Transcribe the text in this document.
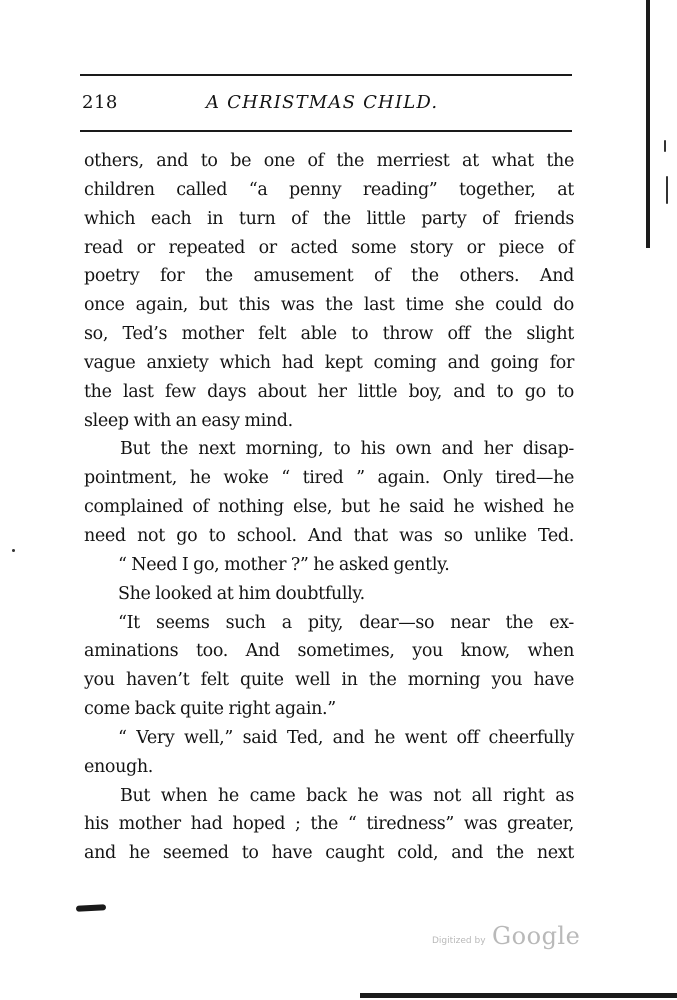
218	A CHRISTMAS CHILD.
others, and to be one of the merriest at what the
children called “a penny reading” together, at
which each in turn of the little party of friends
read or repeated or acted some story or piece of
poetry for the amusement of the others. And
once again, but this was the last time she could do
so, Ted’s mother felt able to throw off the slight
vague anxiety which had kept coming and going for
the last few days about her little boy, and to go to
sleep with an easy mind.
But the next morning, to his own and her disap-
pointment, he woke “ tired ” again. Only tired—he
complained of nothing else, but he said he wished he
need not go to school. And that was so unlike Ted.
“ Need I go, mother ?” he asked gently.
She looked at him doubtfully.
“It seems such a pity, dear—so near the ex-
aminations too. And sometimes, you know, when
you haven’t felt quite well in the morning you have
come back quite right again.”
“ Very well,” said Ted, and he went off cheerfully
enough.
But when he came back he was not all right as
his mother had hoped ; the “ tiredness” was greater,
and he seemed to have caught cold, and the next
Digitized by Google
